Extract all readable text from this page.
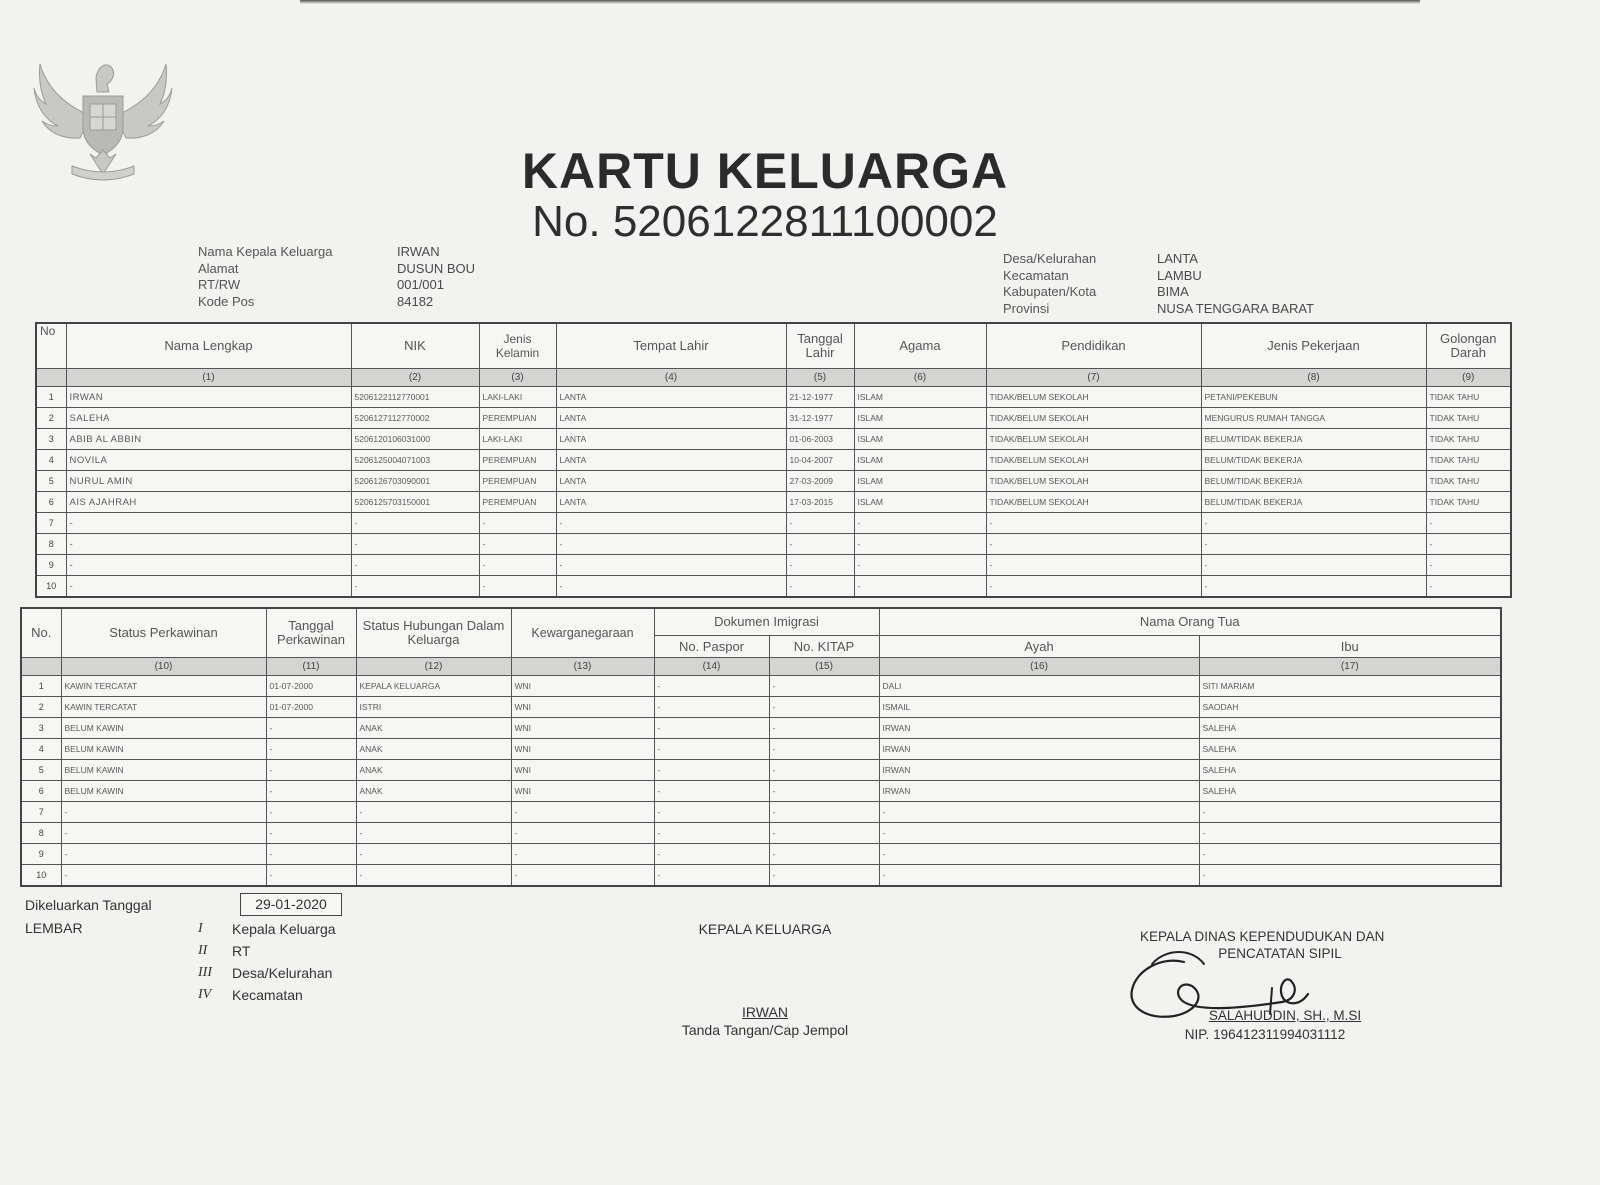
KARTU KELUARGA
No. 5206122811100002
Nama Kepala Keluarga	IRWAN
Alamat	DUSUN BOU
RT/RW	001/001
Kode Pos	84182
Desa/Kelurahan	LANTA
Kecamatan	LAMBU
Kabupaten/Kota	BIMA
Provinsi	NUSA TENGGARA BARAT
No	Nama Lengkap	NIK	Jenis Kelamin	Tempat Lahir	Tanggal Lahir	Agama	Pendidikan	Jenis Pekerjaan	Golongan Darah
	(1)	(2)	(3)	(4)	(5)	(6)	(7)	(8)	(9)
1	IRWAN	5206122112770001	LAKI-LAKI	LANTA	21-12-1977	ISLAM	TIDAK/BELUM SEKOLAH	PETANI/PEKEBUN	TIDAK TAHU
2	SALEHA	5206127112770002	PEREMPUAN	LANTA	31-12-1977	ISLAM	TIDAK/BELUM SEKOLAH	MENGURUS RUMAH TANGGA	TIDAK TAHU
3	ABIB AL ABBIN	5206120106031000	LAKI-LAKI	LANTA	01-06-2003	ISLAM	TIDAK/BELUM SEKOLAH	BELUM/TIDAK BEKERJA	TIDAK TAHU
4	NOVILA	5206125004071003	PEREMPUAN	LANTA	10-04-2007	ISLAM	TIDAK/BELUM SEKOLAH	BELUM/TIDAK BEKERJA	TIDAK TAHU
5	NURUL AMIN	5206126703090001	PEREMPUAN	LANTA	27-03-2009	ISLAM	TIDAK/BELUM SEKOLAH	BELUM/TIDAK BEKERJA	TIDAK TAHU
6	AIS AJAHRAH	5206125703150001	PEREMPUAN	LANTA	17-03-2015	ISLAM	TIDAK/BELUM SEKOLAH	BELUM/TIDAK BEKERJA	TIDAK TAHU
7	-	-	-	-	-	-	-	-	-
8	-	-	-	-	-	-	-	-	-
9	-	-	-	-	-	-	-	-	-
10	-	-	-	-	-	-	-	-	-
No.	Status Perkawinan	Tanggal Perkawinan	Status Hubungan Dalam Keluarga	Kewarganegaraan	Dokumen Imigrasi		Nama Orang Tua	
					No. Paspor	No. KITAP	Ayah	Ibu
	(10)	(11)	(12)	(13)	(14)	(15)	(16)	(17)
1	KAWIN TERCATAT	01-07-2000	KEPALA KELUARGA	WNI	-	-	DALI	SITI MARIAM
2	KAWIN TERCATAT	01-07-2000	ISTRI	WNI	-	-	ISMAIL	SAODAH
3	BELUM KAWIN	-	ANAK	WNI	-	-	IRWAN	SALEHA
4	BELUM KAWIN	-	ANAK	WNI	-	-	IRWAN	SALEHA
5	BELUM KAWIN	-	ANAK	WNI	-	-	IRWAN	SALEHA
6	BELUM KAWIN	-	ANAK	WNI	-	-	IRWAN	SALEHA
7	-	-	-	-	-	-	-	-
8	-	-	-	-	-	-	-	-
9	-	-	-	-	-	-	-	-
10	-	-	-	-	-	-	-	-
Dikeluarkan Tanggal	29-01-2020
LEMBAR	I	Kepala Keluarga
II	RT
III	Desa/Kelurahan
IV	Kecamatan
KEPALA KELUARGA
IRWAN
Tanda Tangan/Cap Jempol
KEPALA DINAS KEPENDUDUKAN DAN
PENCATATAN SIPIL
SALAHUDDIN, SH., M.SI
NIP. 196412311994031112
